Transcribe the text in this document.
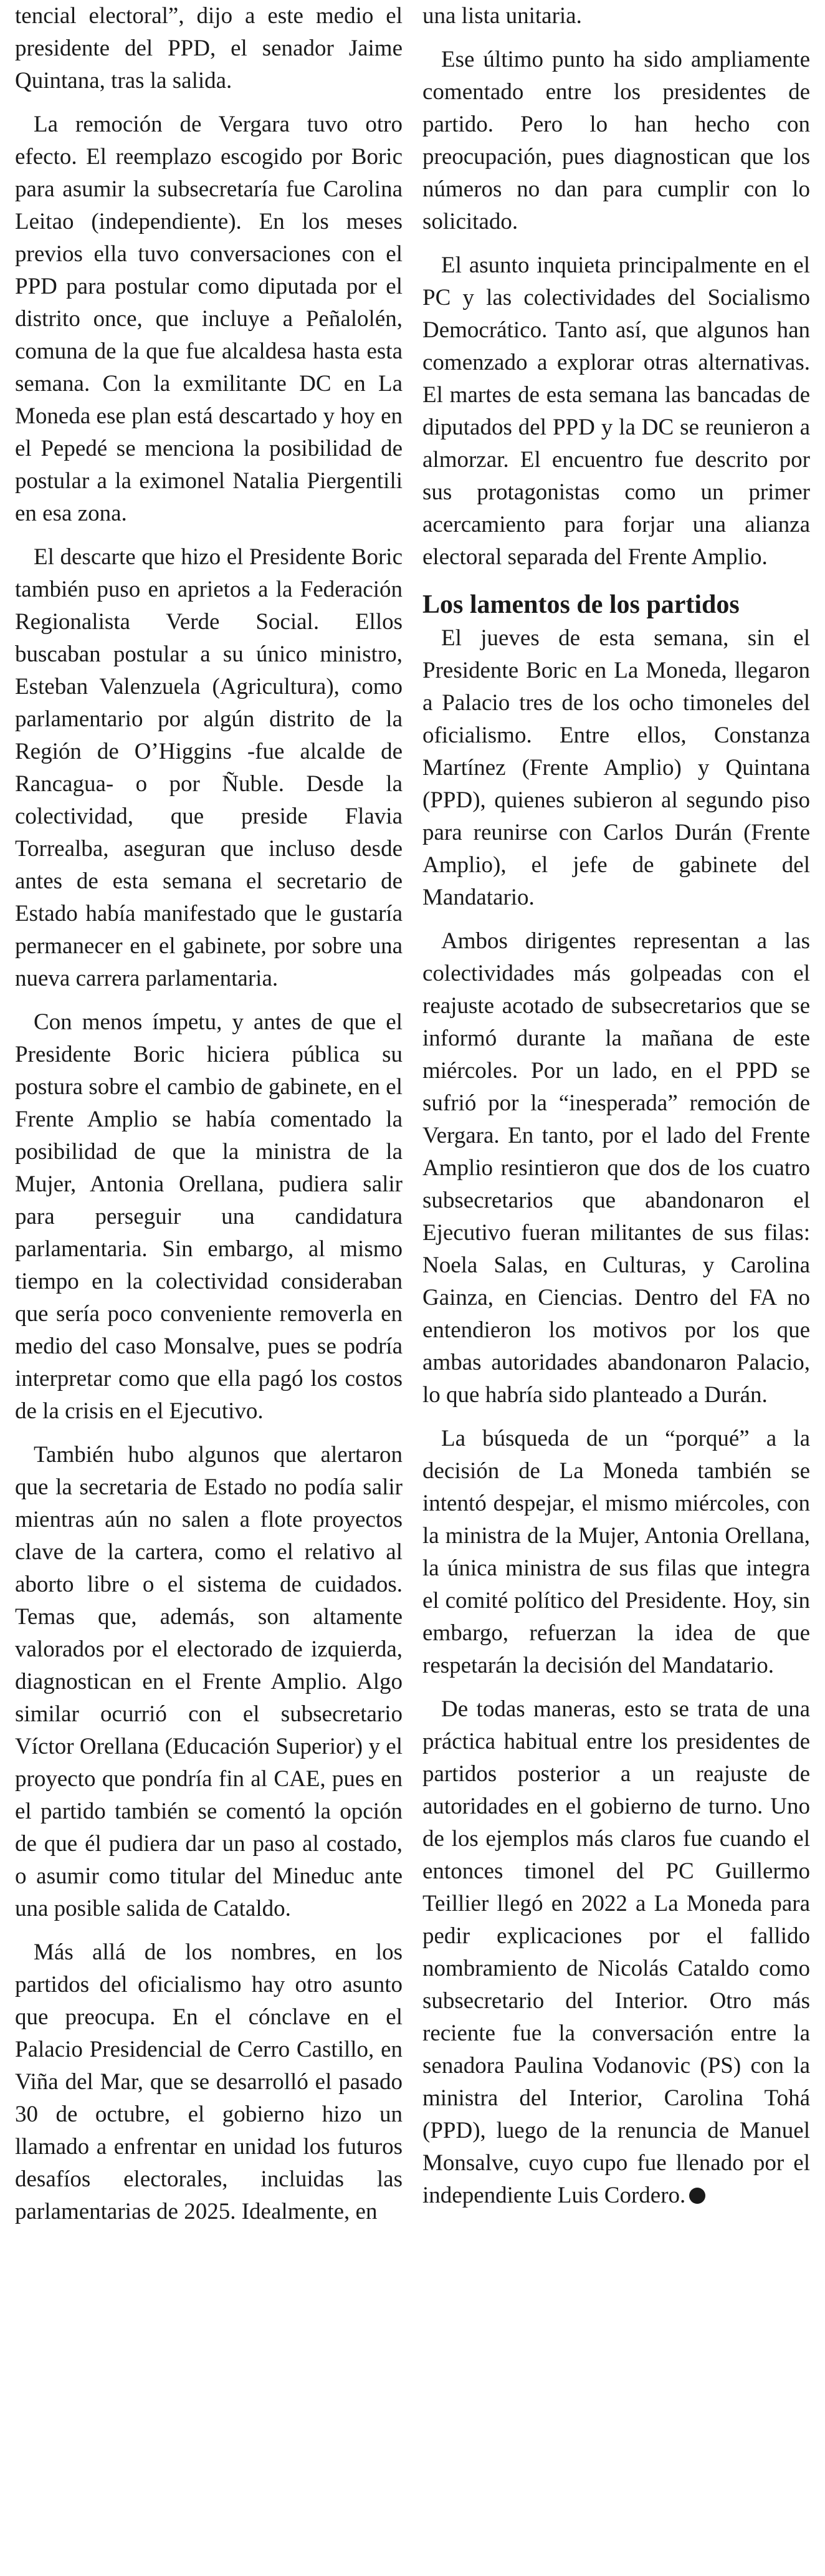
tencial electoral”, dijo a este medio el presidente del PPD, el senador Jaime Quintana, tras la salida.

La remoción de Vergara tuvo otro efecto. El reemplazo escogido por Boric para asumir la subsecretaría fue Carolina Leitao (independiente). En los meses previos ella tuvo conversaciones con el PPD para postular como diputada por el distrito once, que incluye a Peñalolén, comuna de la que fue alcaldesa hasta esta semana. Con la exmilitante DC en La Moneda ese plan está descartado y hoy en el Pepedé se menciona la posibilidad de postular a la eximonel Natalia Piergentili en esa zona.

El descarte que hizo el Presidente Boric también puso en aprietos a la Federación Regionalista Verde Social. Ellos buscaban postular a su único ministro, Esteban Valenzuela (Agricultura), como parlamentario por algún distrito de la Región de O’Higgins -fue alcalde de Rancagua- o por Ñuble. Desde la colectividad, que preside Flavia Torrealba, aseguran que incluso desde antes de esta semana el secretario de Estado había manifestado que le gustaría permanecer en el gabinete, por sobre una nueva carrera parlamentaria.

Con menos ímpetu, y antes de que el Presidente Boric hiciera pública su postura sobre el cambio de gabinete, en el Frente Amplio se había comentado la posibilidad de que la ministra de la Mujer, Antonia Orellana, pudiera salir para perseguir una candidatura parlamentaria. Sin embargo, al mismo tiempo en la colectividad consideraban que sería poco conveniente removerla en medio del caso Monsalve, pues se podría interpretar como que ella pagó los costos de la crisis en el Ejecutivo.

También hubo algunos que alertaron que la secretaria de Estado no podía salir mientras aún no salen a flote proyectos clave de la cartera, como el relativo al aborto libre o el sistema de cuidados. Temas que, además, son altamente valorados por el electorado de izquierda, diagnostican en el Frente Amplio. Algo similar ocurrió con el subsecretario Víctor Orellana (Educación Superior) y el proyecto que pondría fin al CAE, pues en el partido también se comentó la opción de que él pudiera dar un paso al costado, o asumir como titular del Mineduc ante una posible salida de Cataldo.

Más allá de los nombres, en los partidos del oficialismo hay otro asunto que preocupa. En el cónclave en el Palacio Presidencial de Cerro Castillo, en Viña del Mar, que se desarrolló el pasado 30 de octubre, el gobierno hizo un llamado a enfrentar en unidad los futuros desafíos electorales, incluidas las parlamentarias de 2025. Idealmente, en

una lista unitaria.

Ese último punto ha sido ampliamente comentado entre los presidentes de partido. Pero lo han hecho con preocupación, pues diagnostican que los números no dan para cumplir con lo solicitado.

El asunto inquieta principalmente en el PC y las colectividades del Socialismo Democrático. Tanto así, que algunos han comenzado a explorar otras alternativas. El martes de esta semana las bancadas de diputados del PPD y la DC se reunieron a almorzar. El encuentro fue descrito por sus protagonistas como un primer acercamiento para forjar una alianza electoral separada del Frente Amplio.

Los lamentos de los partidos

El jueves de esta semana, sin el Presidente Boric en La Moneda, llegaron a Palacio tres de los ocho timoneles del oficialismo. Entre ellos, Constanza Martínez (Frente Amplio) y Quintana (PPD), quienes subieron al segundo piso para reunirse con Carlos Durán (Frente Amplio), el jefe de gabinete del Mandatario.

Ambos dirigentes representan a las colectividades más golpeadas con el reajuste acotado de subsecretarios que se informó durante la mañana de este miércoles. Por un lado, en el PPD se sufrió por la “inesperada” remoción de Vergara. En tanto, por el lado del Frente Amplio resintieron que dos de los cuatro subsecretarios que abandonaron el Ejecutivo fueran militantes de sus filas: Noela Salas, en Culturas, y Carolina Gainza, en Ciencias. Dentro del FA no entendieron los motivos por los que ambas autoridades abandonaron Palacio, lo que habría sido planteado a Durán.

La búsqueda de un “porqué” a la decisión de La Moneda también se intentó despejar, el mismo miércoles, con la ministra de la Mujer, Antonia Orellana, la única ministra de sus filas que integra el comité político del Presidente. Hoy, sin embargo, refuerzan la idea de que respetarán la decisión del Mandatario.

De todas maneras, esto se trata de una práctica habitual entre los presidentes de partidos posterior a un reajuste de autoridades en el gobierno de turno. Uno de los ejemplos más claros fue cuando el entonces timonel del PC Guillermo Teillier llegó en 2022 a La Moneda para pedir explicaciones por el fallido nombramiento de Nicolás Cataldo como subsecretario del Interior. Otro más reciente fue la conversación entre la senadora Paulina Vodanovic (PS) con la ministra del Interior, Carolina Tohá (PPD), luego de la renuncia de Manuel Monsalve, cuyo cupo fue llenado por el independiente Luis Cordero.
